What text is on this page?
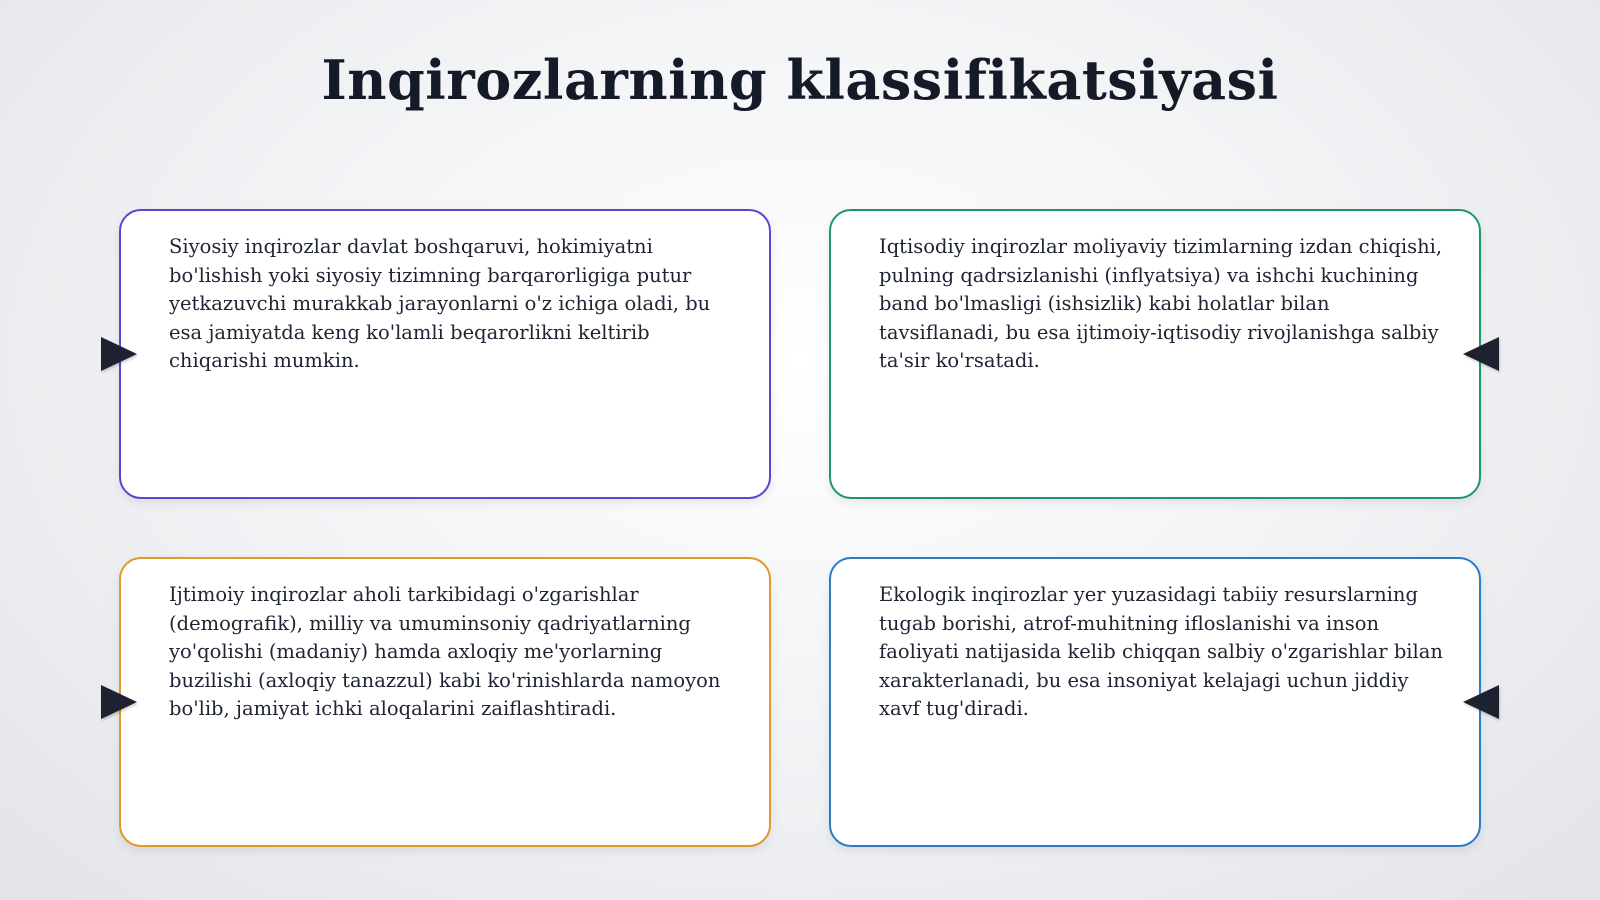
Inqirozlarning klassifikatsiyasi

Siyosiy inqirozlar davlat boshqaruvi, hokimiyatni bo'lishish yoki siyosiy tizimning barqarorligiga putur yetkazuvchi murakkab jarayonlarni o'z ichiga oladi, bu esa jamiyatda keng ko'lamli beqarorlikni keltirib chiqarishi mumkin.

Iqtisodiy inqirozlar moliyaviy tizimlarning izdan chiqishi, pulning qadrsizlanishi (inflyatsiya) va ishchi kuchining band bo'lmasligi (ishsizlik) kabi holatlar bilan tavsiflanadi, bu esa ijtimoiy-iqtisodiy rivojlanishga salbiy ta'sir ko'rsatadi.

Ijtimoiy inqirozlar aholi tarkibidagi o'zgarishlar (demografik), milliy va umuminsoniy qadriyatlarning yo'qolishi (madaniy) hamda axloqiy me'yorlarning buzilishi (axloqiy tanazzul) kabi ko'rinishlarda namoyon bo'lib, jamiyat ichki aloqalarini zaiflashtiradi.

Ekologik inqirozlar yer yuzasidagi tabiiy resurslarning tugab borishi, atrof-muhitning ifloslanishi va inson faoliyati natijasida kelib chiqqan salbiy o'zgarishlar bilan xarakterlanadi, bu esa insoniyat kelajagi uchun jiddiy xavf tug'diradi.
